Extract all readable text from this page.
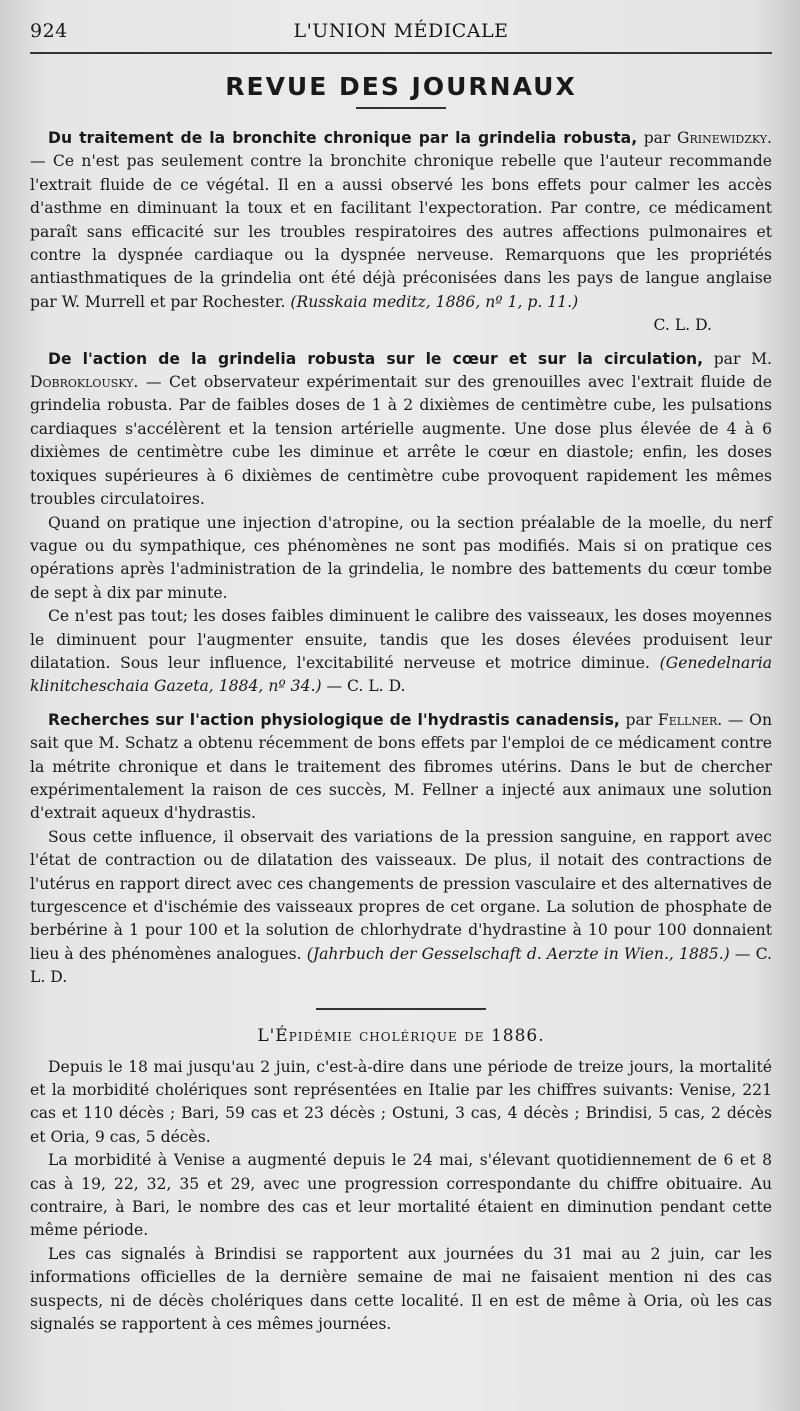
924	L'UNION MÉDICALE
REVUE DES JOURNAUX

Du traitement de la bronchite chronique par la grindelia robusta, par Grinewidzky. — Ce n'est pas seulement contre la bronchite chronique rebelle que l'auteur recommande l'extrait fluide de ce végétal. Il en a aussi observé les bons effets pour calmer les accès d'asthme en diminuant la toux et en facilitant l'expectoration. Par contre, ce médicament paraît sans efficacité sur les troubles respiratoires des autres affections pulmonaires et contre la dyspnée cardiaque ou la dyspnée nerveuse. Remarquons que les propriétés antiasthmatiques de la grindelia ont été déjà préconisées dans les pays de langue anglaise par W. Murrell et par Rochester. (Russkaia meditz, 1886, nº 1, p. 11.)

C. L. D.

De l'action de la grindelia robusta sur le cœur et sur la circulation, par M. Dobroklousky. — Cet observateur expérimentait sur des grenouilles avec l'extrait fluide de grindelia robusta. Par de faibles doses de 1 à 2 dixièmes de centimètre cube, les pulsations cardiaques s'accélèrent et la tension artérielle augmente. Une dose plus élevée de 4 à 6 dixièmes de centimètre cube les diminue et arrête le cœur en diastole; enfin, les doses toxiques supérieures à 6 dixièmes de centimètre cube provoquent rapidement les mêmes troubles circulatoires.

Quand on pratique une injection d'atropine, ou la section préalable de la moelle, du nerf vague ou du sympathique, ces phénomènes ne sont pas modifiés. Mais si on pratique ces opérations après l'administration de la grindelia, le nombre des battements du cœur tombe de sept à dix par minute.

Ce n'est pas tout; les doses faibles diminuent le calibre des vaisseaux, les doses moyennes le diminuent pour l'augmenter ensuite, tandis que les doses élevées produisent leur dilatation. Sous leur influence, l'excitabilité nerveuse et motrice diminue. (Genedelnaria klinitcheschaia Gazeta, 1884, nº 34.) — C. L. D.

Recherches sur l'action physiologique de l'hydrastis canadensis, par Fellner. — On sait que M. Schatz a obtenu récemment de bons effets par l'emploi de ce médicament contre la métrite chronique et dans le traitement des fibromes utérins. Dans le but de chercher expérimentalement la raison de ces succès, M. Fellner a injecté aux animaux une solution d'extrait aqueux d'hydrastis.

Sous cette influence, il observait des variations de la pression sanguine, en rapport avec l'état de contraction ou de dilatation des vaisseaux. De plus, il notait des contractions de l'utérus en rapport direct avec ces changements de pression vasculaire et des alternatives de turgescence et d'ischémie des vaisseaux propres de cet organe. La solution de phosphate de berbérine à 1 pour 100 et la solution de chlorhydrate d'hydrastine à 10 pour 100 donnaient lieu à des phénomènes analogues. (Jahrbuch der Gesselschaft d. Aerzte in Wien., 1885.) — C. L. D.

L'Épidémie cholérique de 1886.

Depuis le 18 mai jusqu'au 2 juin, c'est-à-dire dans une période de treize jours, la mortalité et la morbidité cholériques sont représentées en Italie par les chiffres suivants: Venise, 221 cas et 110 décès ; Bari, 59 cas et 23 décès ; Ostuni, 3 cas, 4 décès ; Brindisi, 5 cas, 2 décès et Oria, 9 cas, 5 décès.

La morbidité à Venise a augmenté depuis le 24 mai, s'élevant quotidiennement de 6 et 8 cas à 19, 22, 32, 35 et 29, avec une progression correspondante du chiffre obituaire. Au contraire, à Bari, le nombre des cas et leur mortalité étaient en diminution pendant cette même période.

Les cas signalés à Brindisi se rapportent aux journées du 31 mai au 2 juin, car les informations officielles de la dernière semaine de mai ne faisaient mention ni des cas suspects, ni de décès cholériques dans cette localité. Il en est de même à Oria, où les cas signalés se rapportent à ces mêmes journées.
